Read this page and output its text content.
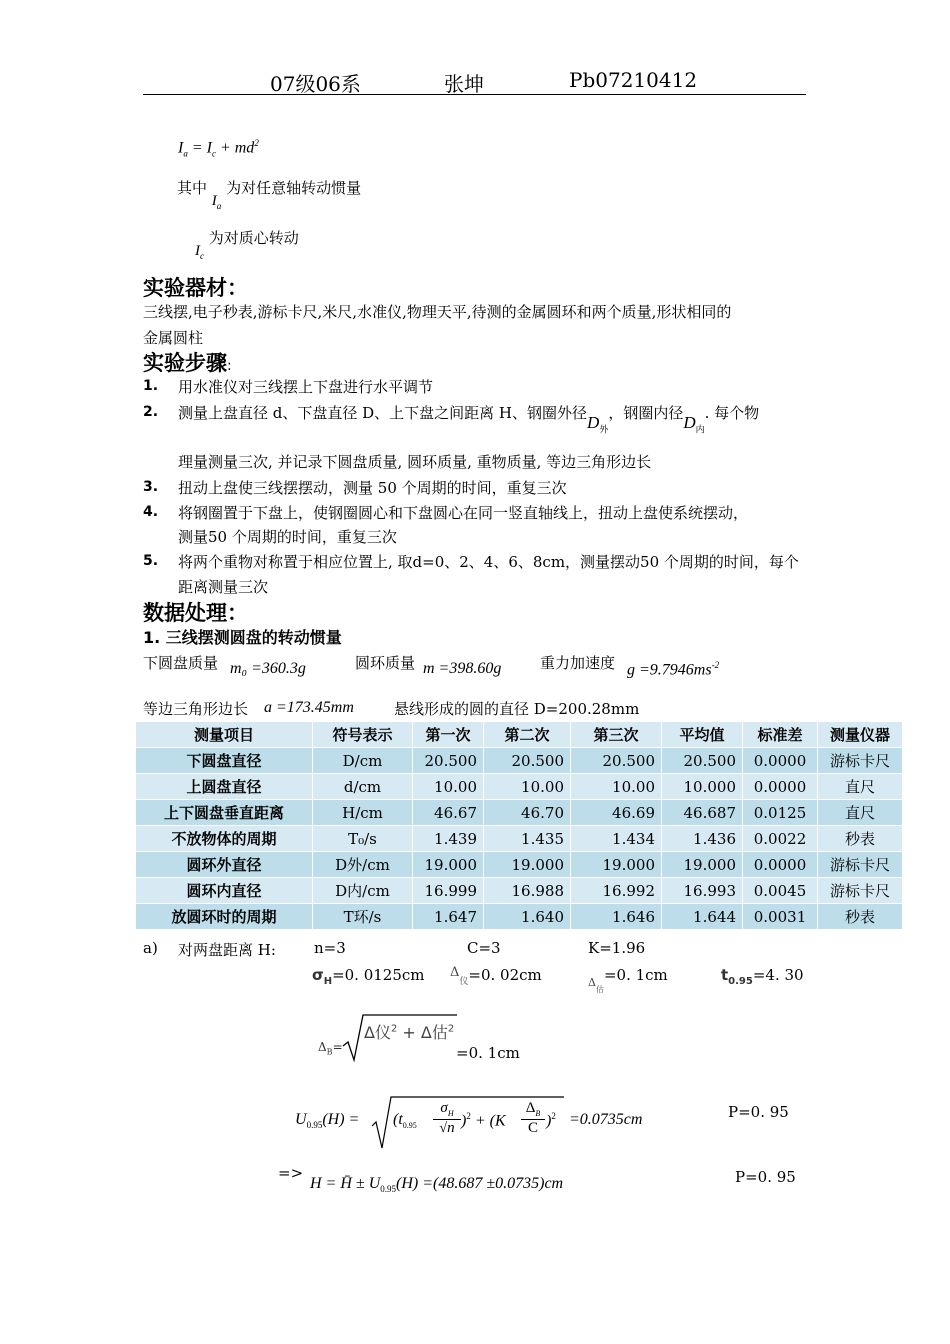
07级06系	张坤	Pb07210412
$I_a = I_c + md^2$
其中 $I_a$ 为对任意轴转动惯量
$I_c$ 为对质心转动
实验器材：
三线摆,电子秒表,游标卡尺,米尺,水准仪,物理天平,待测的金属圆环和两个质量,形状相同的
金属圆柱
实验步骤:
1. 用水准仪对三线摆上下盘进行水平调节
2. 测量上盘直径 d、下盘直径 D、上下盘之间距离 H、钢圈外径$D_外$，钢圈内径$D_内$. 每个物
理量测量三次, 并记录下圆盘质量, 圆环质量, 重物质量, 等边三角形边长
3. 扭动上盘使三线摆摆动，测量 50 个周期的时间，重复三次
4. 将钢圈置于下盘上，使钢圈圆心和下盘圆心在同一竖直轴线上，扭动上盘使系统摆动，
测量50 个周期的时间，重复三次
5. 将两个重物对称置于相应位置上, 取d=0、2、4、6、8cm，测量摆动50 个周期的时间，每个
距离测量三次
数据处理：
1. 三线摆测圆盘的转动惯量
下圆盘质量 m₀ =360.3g	圆环质量 m =398.60g	重力加速度 $g =9.7946ms^{-2}$
等边三角形边长 a =173.45mm	悬线形成的圆的直径 D=200.28mm
测量项目	符号表示	第一次	第二次	第三次	平均值	标准差	测量仪器
下圆盘直径	D/cm	20.500	20.500	20.500	20.500	0.0000	游标卡尺
上圆盘直径	d/cm	10.00	10.00	10.00	10.000	0.0000	直尺
上下圆盘垂直距离	H/cm	46.67	46.70	46.69	46.687	0.0125	直尺
不放物体的周期	T₀/s	1.439	1.435	1.434	1.436	0.0022	秒表
圆环外直径	D外/cm	19.000	19.000	19.000	19.000	0.0000	游标卡尺
圆环内直径	D内/cm	16.999	16.988	16.992	16.993	0.0045	游标卡尺
放圆环时的周期	T环/s	1.647	1.640	1.646	1.644	0.0031	秒表
a) 对两盘距离 H:	n=3	C=3	K=1.96
$\sigma_H=0$. 0125cm $\Delta_仪=0$. 02cm	$_{\Delta 估}$=0. 1cm	$t_{0.95}=4$. 30
$\Delta_B=$
Δ仪$^2$ + Δ估$^2$
=0. 1cm
$U_{0.95}(H) = (t_{0.95}$
$\sigma_H$
√n )$^2$ + (K
$\Delta_B$
C )$^2$ =0.0735cm	P=0. 95
=>
H = H̄ ± $U_{0.95}(H) =(48.687 \pm 0.0735)cm$	P=0. 95
